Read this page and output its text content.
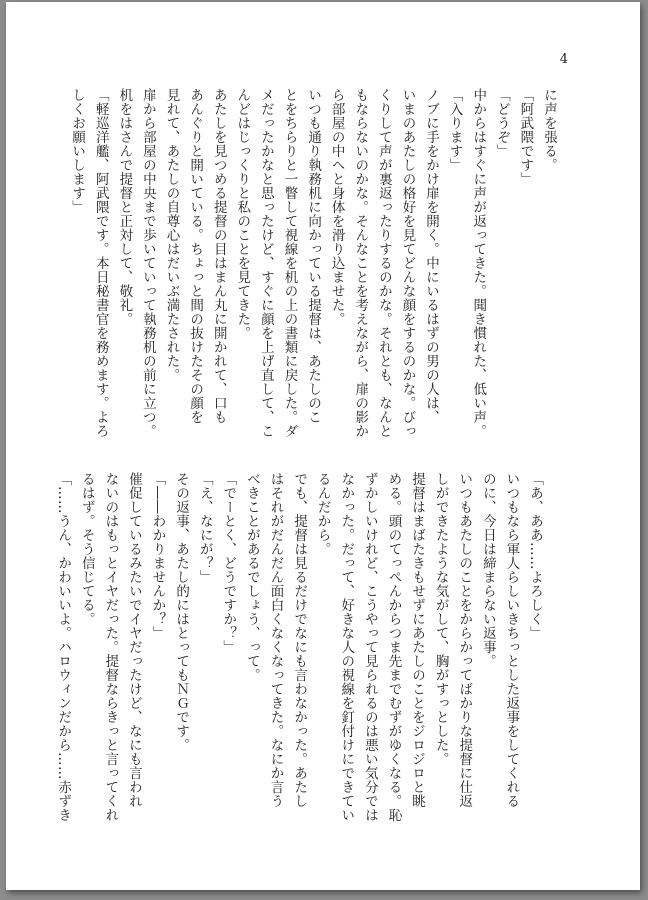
4
に声を張る。
「阿武隈です」
「どうぞ」
中からはすぐに声が返ってきた。聞き慣れた、低い声。
「入ります」
ノブに手をかけ扉を開く。中にいるはずの男の人は、
いまのあたしの格好を見てどんな顔をするのかな。びっ
くりして声が裏返ったりするのかな。それとも、なんと
もならないのかな。そんなことを考えながら、扉の影か
ら部屋の中へと身体を滑り込ませた。
いつも通り執務机に向かっている提督は、あたしのこ
とをちらりと一瞥して視線を机の上の書類に戻した。ダ
メだったかなと思ったけど、すぐに顔を上げ直して、こ
んどはじっくりと私のことを見てきた。
あたしを見つめる提督の目はまん丸に開かれて、口も
あんぐりと開いている。ちょっと間の抜けたその顔を
見れて、あたしの自尊心はだいぶ満たされた。
扉から部屋の中央まで歩いていって執務机の前に立つ。
机をはさんで提督と正対して、敬礼。
「軽巡洋艦、阿武隈です。本日秘書官を務めます。よろ
しくお願いします」
「あ、ああ……よろしく」
いつもなら軍人らしいきちっとした返事をしてくれる
のに、今日は締まらない返事。
いつもあたしのことをからかってばかりな提督に仕返
しができたような気がして、胸がすっとした。
提督はまばたきもせずにあたしのことをジロジロと眺
める。頭のてっぺんからつま先までむずがゆくなる。恥
ずかしいけれど、こうやって見られるのは悪い気分では
なかった。だって、好きな人の視線を釘付けにできてい
るんだから。
でも、提督は見るだけでなにも言わなかった。あたし
はそれがだんだん面白くなくなってきた。なにか言う
べきことがあるでしょう、って。
「でーとく、どうですか？」
「え、なにが？」
その返事、あたし的にはとってもＮＧです。
「――わかりませんか？」
催促しているみたいでイヤだったけど、なにも言われ
ないのはもっとイヤだった。提督ならきっと言ってくれ
るはず。そう信じてる。
「……うん、かわいいよ。ハロウィンだから……赤ずき
